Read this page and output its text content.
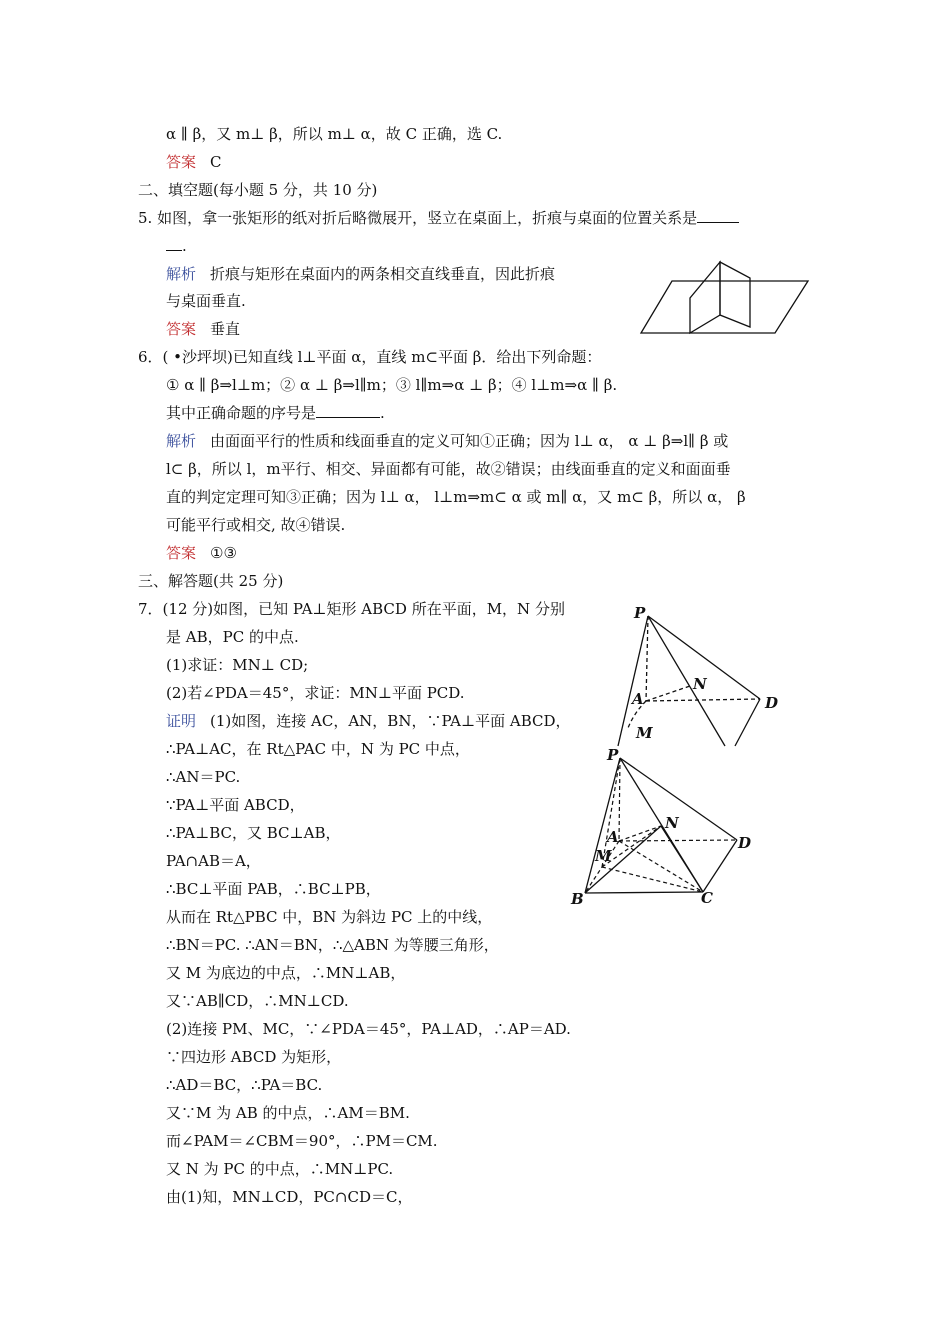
α ∥ β，又 m⊥ β，所以 m⊥ α，故 C 正确，选 C.
答案 C
二、填空题(每小题 5 分，共 10 分)
5. 如图，拿一张矩形的纸对折后略微展开，竖立在桌面上，折痕与桌面的位置关系是
.
解析 折痕与矩形在桌面内的两条相交直线垂直，因此折痕
与桌面垂直.
答案 垂直
6．( •沙坪坝)已知直线 l⊥平面 α，直线 m⊂平面 β．给出下列命题：
① α ∥ β⇒l⊥m；② α ⊥ β⇒l∥m；③ l∥m⇒α ⊥ β；④ l⊥m⇒α ∥ β.
其中正确命题的序号是	.
解析 由面面平行的性质和线面垂直的定义可知①正确；因为 l⊥ α， α ⊥ β⇒l∥ β 或
l⊂ β，所以 l，m平行、相交、异面都有可能，故②错误；由线面垂直的定义和面面垂
直的判定定理可知③正确；因为 l⊥ α， l⊥m⇒m⊂ α 或 m∥ α，又 m⊂ β，所以 α， β
可能平行或相交, 故④错误.
答案 ①③
三、解答题(共 25 分)
7．(12 分)如图，已知 PA⊥矩形 ABCD 所在平面，M，N 分别
是 AB，PC 的中点.
(1)求证：MN⊥ CD;
(2)若∠PDA＝45°，求证：MN⊥平面 PCD.
证明 (1)如图，连接 AC，AN，BN，∵PA⊥平面 ABCD，
∴PA⊥AC，在 Rt△PAC 中，N 为 PC 中点，
∴AN＝PC.
∵PA⊥平面 ABCD，
∴PA⊥BC，又 BC⊥AB，
PA∩AB＝A，
∴BC⊥平面 PAB，∴BC⊥PB，
从而在 Rt△PBC 中，BN 为斜边 PC 上的中线，
∴BN＝PC. ∴AN＝BN，∴△ABN 为等腰三角形，
又 M 为底边的中点，∴MN⊥AB，
又∵AB∥CD，∴MN⊥CD.
(2)连接 PM、MC，∵∠PDA＝45°，PA⊥AD，∴AP＝AD.
∵四边形 ABCD 为矩形，
∴AD＝BC，∴PA＝BC.
又∵M 为 AB 的中点，∴AM＝BM.
而∠PAM＝∠CBM＝90°，∴PM＝CM.
又 N 为 PC 的中点，∴MN⊥PC.
由(1)知，MN⊥CD，PC∩CD＝C，
P
N
A	D
M
P
N
A	D
M
B	C
